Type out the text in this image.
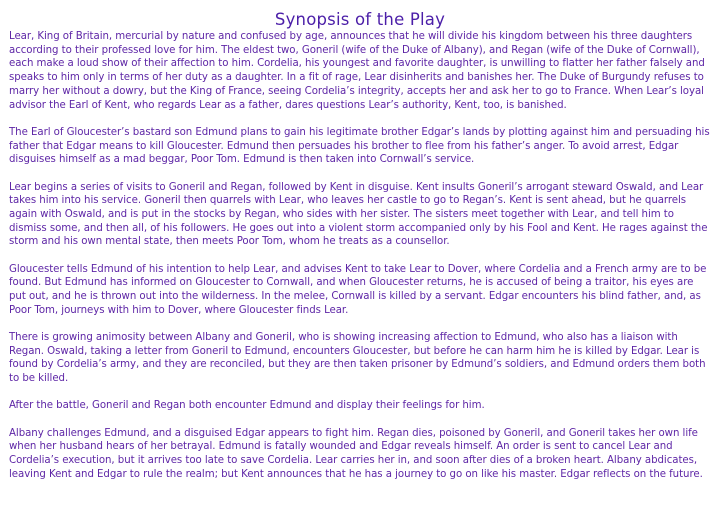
Synopsis of the Play

Lear, King of Britain, mercurial by nature and confused by age, announces that he will divide his kingdom between his three daughters according to their professed love for him. The eldest two, Goneril (wife of the Duke of Albany), and Regan (wife of the Duke of Cornwall), each make a loud show of their affection to him. Cordelia, his youngest and favorite daughter, is unwilling to flatter her father falsely and speaks to him only in terms of her duty as a daughter. In a fit of rage, Lear disinherits and banishes her. The Duke of Burgundy refuses to marry her without a dowry, but the King of France, seeing Cordelia’s integrity, accepts her and ask her to go to France. When Lear’s loyal advisor the Earl of Kent, who regards Lear as a father, dares questions Lear’s authority, Kent, too, is banished.

The Earl of Gloucester’s bastard son Edmund plans to gain his legitimate brother Edgar’s lands by plotting against him and persuading his father that Edgar means to kill Gloucester. Edmund then persuades his brother to flee from his father’s anger. To avoid arrest, Edgar disguises himself as a mad beggar, Poor Tom. Edmund is then taken into Cornwall’s service.

Lear begins a series of visits to Goneril and Regan, followed by Kent in disguise. Kent insults Goneril’s arrogant steward Oswald, and Lear takes him into his service. Goneril then quarrels with Lear, who leaves her castle to go to Regan’s. Kent is sent ahead, but he quarrels again with Oswald, and is put in the stocks by Regan, who sides with her sister. The sisters meet together with Lear, and tell him to dismiss some, and then all, of his followers. He goes out into a violent storm accompanied only by his Fool and Kent. He rages against the storm and his own mental state, then meets Poor Tom, whom he treats as a counsellor.

Gloucester tells Edmund of his intention to help Lear, and advises Kent to take Lear to Dover, where Cordelia and a French army are to be found. But Edmund has informed on Gloucester to Cornwall, and when Gloucester returns, he is accused of being a traitor, his eyes are put out, and he is thrown out into the wilderness. In the melee, Cornwall is killed by a servant. Edgar encounters his blind father, and, as Poor Tom, journeys with him to Dover, where Gloucester finds Lear.

There is growing animosity between Albany and Goneril, who is showing increasing affection to Edmund, who also has a liaison with Regan. Oswald, taking a letter from Goneril to Edmund, encounters Gloucester, but before he can harm him he is killed by Edgar. Lear is found by Cordelia’s army, and they are reconciled, but they are then taken prisoner by Edmund’s soldiers, and Edmund orders them both to be killed.

After the battle, Goneril and Regan both encounter Edmund and display their feelings for him.

Albany challenges Edmund, and a disguised Edgar appears to fight him. Regan dies, poisoned by Goneril, and Goneril takes her own life when her husband hears of her betrayal. Edmund is fatally wounded and Edgar reveals himself. An order is sent to cancel Lear and Cordelia’s execution, but it arrives too late to save Cordelia. Lear carries her in, and soon after dies of a broken heart. Albany abdicates, leaving Kent and Edgar to rule the realm; but Kent announces that he has a journey to go on like his master. Edgar reflects on the future.
